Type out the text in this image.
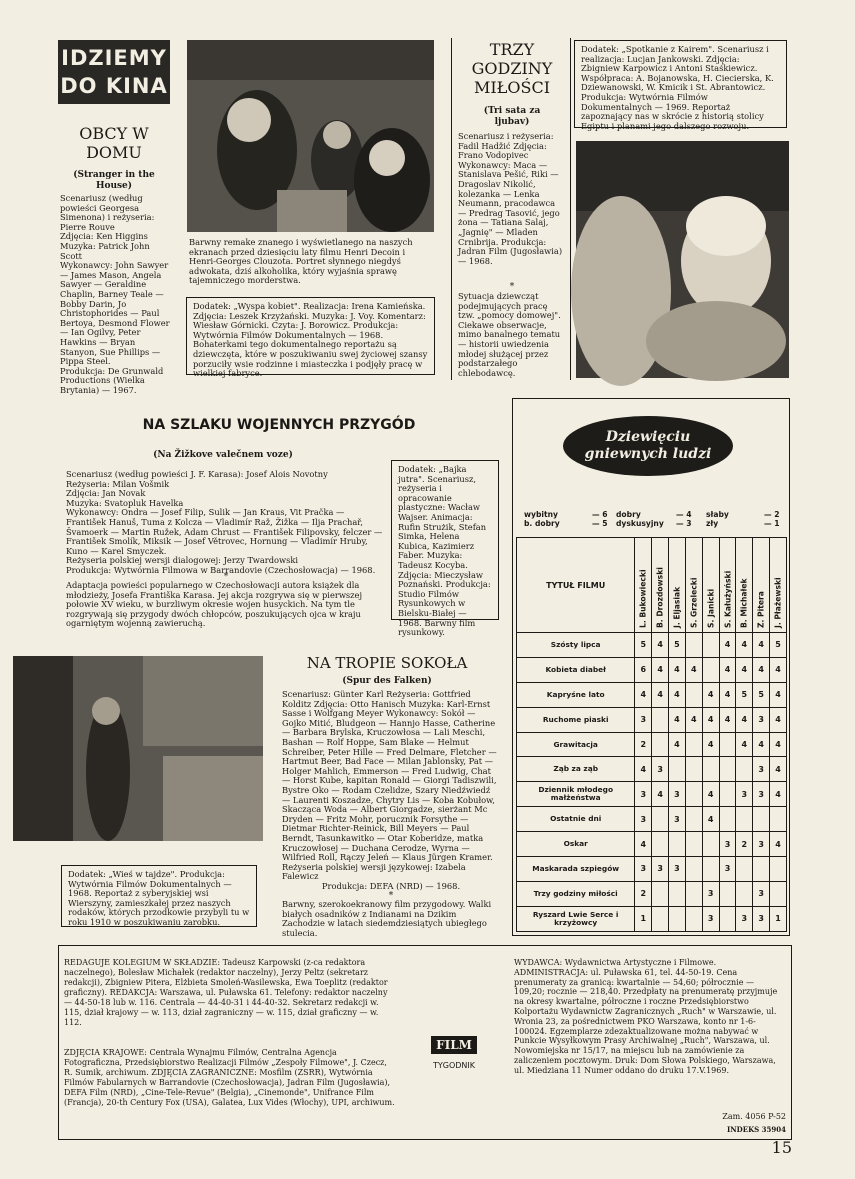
IDZIEMY
DO KINA
OBCY W DOMU
(Stranger in the House)

Scenariusz (według powieści Georgesa Simenona) i reżyseria: Pierre Rouve

Zdjęcia: Ken Higgins

Muzyka: Patrick John Scott

Wykonawcy: John Sawyer — James Mason, Angela Sawyer — Geraldine Chaplin, Barney Teale — Bobby Darin, Jo Christophorides — Paul Bertoya, Desmond Flower — Ian Ogilvy, Peter Hawkins — Bryan Stanyon, Sue Phillips — Pippa Steel.

Produkcja: De Grunwald Productions (Wielka Brytania) — 1967.

Barwny remake znanego i wyświetlanego na naszych ekranach przed dziesięciu laty filmu Henri Decoin i Henri-Georges Clouzota. Portret słynnego niegdyś adwokata, dziś alkoholika, który wyjaśnia sprawę tajemniczego morderstwa.
Dodatek: „Wyspa kobiet". Realizacja: Irena Kamieńska. Zdjęcia: Leszek Krzyżański. Muzyka: J. Voy. Komentarz: Wiesław Górnicki. Czyta: J. Borowicz. Produkcja: Wytwórnia Filmów Dokumentalnych — 1968. Bohaterkami tego dokumentalnego reportażu są dziewczęta, które w poszukiwaniu swej życiowej szansy porzuciły wsie rodzinne i miasteczka i podjęły pracę w wielkiej fabryce.
TRZY
GODZINY
MIŁOŚCI
(Tri sata za
ljubav)
Scenariusz i reżyseria: Fadil Hadžić Zdjęcia: Frano Vodopivec Wykonawcy: Maca — Stanislava Pešić, Riki — Dragoslav Nikolić, kolezanka — Lenka Neumann, pracodawca — Predrag Tasović, jego żona — Tatiana Salaj, „Jagnię" — Mladen Crnibrija. Produkcja: Jadran Film (Jugosławia) — 1968.
*
Sytuacja dziewcząt podejmujących pracę tzw. „pomocy domowej". Ciekawe obserwacje, mimo banalnego tematu — historii uwiedzenia młodej służącej przez podstarzałego chlebodawcę.
Dodatek: „Spotkanie z Kairem". Scenariusz i realizacja: Lucjan Jankowski. Zdjęcia: Zbigniew Karpowicz i Antoni Staśkiewicz. Współpraca: A. Bojanowska, H. Ciecierska, K. Dziewanowski, W. Kmicik i St. Abrantowicz. Produkcja: Wytwórnia Filmów Dokumentalnych — 1969. Reportaż zapoznający nas w skrócie z historią stolicy Egiptu i planami jego dalszego rozwoju.
Dziewięciu
gniewnych ludzi
wybitny	— 6
b. dobry	— 5
dobry	— 4
dyskusyjny	— 3
słaby	— 2
zły	— 1
TYTUŁ FILMU	L. Bukowiecki	B. Drozdowski	J. Eljasiak	S. Grzelecki	S. Janicki	S. Kałużyński	B. Michałek	Z. Pitera	J. Płażewski

Szósty lipca	5	4	5			4	4	4	5
Kobieta diabeł	6	4	4	4		4	4	4	4
Kapryśne lato	4	4	4		4	4	5	5	4
Ruchome piaski	3		4	4	4	4	4	3	4
Grawitacja	2		4		4		4	4	4
Ząb za ząb	4	3						3	4
Dziennik młodego małżeństwa	3	4	3		4		3	3	4
Ostatnie dni	3		3		4				
Oskar	4					3	2	3	4
Maskarada szpiegów	3	3	3			3			
Trzy godziny miłości	2				3			3	
Ryszard Lwie Serce i krzyżowcy	1				3		3	3	1
NA SZLAKU WOJENNYCH PRZYGÓD
(Na Žižkove valečnem voze)

Scenariusz (według powieści J. F. Karasa): Josef Alois Novotny

Reżyseria: Milan Vošmik

Zdjęcia: Jan Novak

Muzyka: Svatopluk Havelka

Wykonawcy: Ondra — Josef Filip, Sulik — Jan Kraus, Vit Pračka — František Hanuš, Tuma z Kolcza — Vladimír Raž, Žižka — Ilja Prachař, Švamoerk — Martin Ružek, Adam Chrust — František Filipovsky, felczer — František Smolík, Miksik — Josef Větrovec, Hornung — Vladimír Hruby, Kuno — Karel Smyczek.

Reżyseria polskiej wersji dialogowej: Jerzy Twardowski

Produkcja: Wytwórnia Filmowa w Barrandovie (Czechosłowacja) — 1968.

*
Adaptacja powieści popularnego w Czechosłowacji autora książek dla młodzieży, Josefa Františka Karasa. Jej akcja rozgrywa się w pierwszej połowie XV wieku, w burzliwym okresie wojen husyckich. Na tym tle rozgrywają się przygody dwóch chłopców, poszukujących ojca w kraju ogarniętym wojenną zawieruchą.
Dodatek: „Bajka jutra". Scenariusz, reżyseria i opracowanie plastyczne: Wacław Wajser. Animacja: Rufin Strużik, Stefan Simka, Helena Kubica, Kazimierz Faber. Muzyka: Tadeusz Kocyba. Zdjęcia: Mieczysław Poznański. Produkcja: Studio Filmów Rysunkowych w Bielsku-Białej — 1968. Barwny film rysunkowy.
NA TROPIE SOKOŁA
(Spur des Falken)
Scenariusz: Günter Karl Reżyseria: Gottfried Kolditz Zdjęcia: Otto Hanisch Muzyka: Karl-Ernst Sasse i Wolfgang Meyer Wykonawcy: Sokół — Gojko Mitić, Bludgeon — Hannjo Hasse, Catherine — Barbara Brylska, Kruczowłosa — Lali Meschi, Bashan — Rolf Hoppe, Sam Blake — Helmut Schreiber, Peter Hille — Fred Delmare, Fletcher — Hartmut Beer, Bad Face — Milan Jablonsky, Pat — Holger Mahlich, Emmerson — Fred Ludwig, Chat — Horst Kube, kapitan Ronald — Giorgi Tadiszwili, Bystre Oko — Rodam Czelidze, Szary Niedźwiedź — Laurenti Koszadze, Chytry Lis — Koba Kobułow, Skacząca Woda — Albert Giorgadze, sierżant Mc Dryden — Fritz Mohr, porucznik Forsythe — Dietmar Richter-Reinick, Bill Meyers — Paul Berndt, Tasunkawitko — Otar Koberidze, matka Kruczowłosej — Duchana Cerodze, Wyrna — Wilfried Roll, Rączy Jeleń — Klaus Jürgen Kramer. Reżyseria polskiej wersji językowej: Izabela Falewicz
Produkcja: DEFA (NRD) — 1968.
*
Barwny, szerokoekranowy film przygodowy. Walki białych osadników z Indianami na Dzikim Zachodzie w latach siedemdziesiątych ubiegłego stulecia.
Dodatek: „Wieś w tajdze". Produkcja: Wytwórnia Filmów Dokumentalnych — 1968. Reportaż z syberyjskiej wsi Wierszyny, zamieszkałej przez naszych rodaków, których przodkowie przybyli tu w roku 1910 w poszukiwaniu zarobku.
REDAGUJE KOLEGIUM W SKŁADZIE: Tadeusz Karpowski (z-ca redaktora naczelnego), Bolesław Michałek (redaktor naczelny), Jerzy Peltz (sekretarz redakcji), Zbigniew Pitera, Elżbieta Smoleń-Wasilewska, Ewa Toeplitz (redaktor graficzny). REDAKCJA: Warszawa, ul. Puławska 61. Telefony: redaktor naczelny — 44-50-18 lub w. 116. Centrala — 44-40-31 i 44-40-32. Sekretarz redakcji w. 115, dział krajowy — w. 113, dział zagraniczny — w. 115, dział graficzny — w. 112.
ZDJĘCIA KRAJOWE: Centrala Wynajmu Filmów, Centralna Agencja Fotograficzna, Przedsiębiorstwo Realizacji Filmów „Zespoły Filmowe", J. Czecz, R. Sumik, archiwum. ZDJĘCIA ZAGRANICZNE: Mosfilm (ZSRR), Wytwórnia Filmów Fabularnych w Barrandovie (Czechosłowacja), Jadran Film (Jugosławia), DEFA Film (NRD), „Cine-Tele-Revue" (Belgia), „Cinemonde", Unifrance Film (Francja), 20-th Century Fox (USA), Galatea, Lux Vides (Włochy), UPI, archiwum.
FILM
TYGODNIK
WYDAWCA: Wydawnictwa Artystyczne i Filmowe. ADMINISTRACJA: ul. Puławska 61, tel. 44-50-19. Cena prenumeraty za granicą: kwartalnie — 54,60; półrocznie — 109,20; rocznie — 218,40. Przedpłaty na prenumeratę przyjmuje na okresy kwartalne, półroczne i roczne Przedsiębiorstwo Kolportażu Wydawnictw Zagranicznych „Ruch" w Warszawie, ul. Wronia 23, za pośrednictwem PKO Warszawa, konto nr 1-6-100024. Egzemplarze zdezaktualizowane można nabywać w Punkcie Wysyłkowym Prasy Archiwalnej „Ruch", Warszawa, ul. Nowomiejska nr 15/17, na miejscu lub na zamówienie za zaliczeniem pocztowym. Druk: Dom Słowa Polskiego, Warszawa, ul. Miedziana 11 Numer oddano do druku 17.V.1969.
Zam. 4056 P-52
INDEKS 35904
15
